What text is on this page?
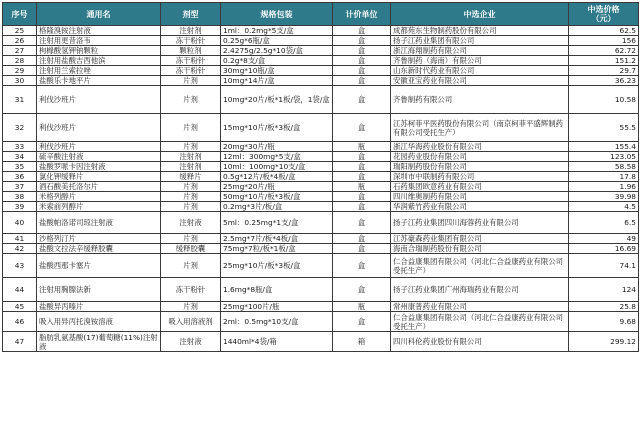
序号	通用名	剂型	规格包装	计价单位	中选企业	中选价格
（元）

25	格隆溴铵注射液	注射剂	1ml：0.2mg*5支/盒	盒	成都苑东生物制药股份有限公司	62.5
26	注射用更昔洛韦	冻干粉针	0.25g*6瓶/盒	盒	扬子江药业集团有限公司	156
27	枸橼酸氢钾钠颗粒	颗粒剂	2.4275g/2.5g*10袋/盒	盒	浙江海翔制药有限公司	62.72
28	注射用盐酸吉西他滨	冻干粉针	0.2g*8支/盒	盒	齐鲁制药（海南）有限公司	151.2
29	注射用兰索拉唑	冻干粉针	30mg*10瓶/盒	盒	山东新时代药业有限公司	29.7
30	盐酸乐卡地平片	片剂	10mg*14片/盒	盒	安徽亚宝药业有限公司	36.23
31	利伐沙班片	片剂	10mg*20片/板*1板/袋，1袋/盒	盒	齐鲁制药有限公司	10.58
32	利伐沙班片	片剂	15mg*10片/板*3板/盒	盒	江苏柯菲平医药股份有限公司（南京柯菲平盛辉制药有限公司受托生产）	55.5
33	利伐沙班片	片剂	20mg*30片/瓶	瓶	浙江华海药业股份有限公司	155.4
34	硫辛酸注射液	注射剂	12ml：300mg*5支/盒	盒	花园药业股份有限公司	123.05
35	盐酸罗哌卡因注射液	注射剂	10ml：100mg*10支/盒	盒	瑞阳制药股份有限公司	58.58
36	氯化钾缓释片	缓释片	0.5g*12片/板*4板/盒	盒	深圳市中联制药有限公司	17.8
37	酒石酸美托洛尔片	片剂	25mg*20片/瓶	瓶	石药集团欧意药业有限公司	1.96
38	米格列醇片	片剂	50mg*10片/板*3板/盒	盒	四川维奥制药有限公司	39.98
39	米索前列醇片	片剂	0.2mg*3片/板/盒	盒	华润紫竹药业有限公司	4.5
40	盐酸帕洛诺司琼注射液	注射液	5ml：0.25mg*1支/盒	盒	扬子江药业集团四川海蓉药业有限公司	6.5
41	沙格列汀片	片剂	2.5mg*7片/板*4板/盒	盒	江苏豪森药业集团有限公司	49
42	盐酸文拉法辛缓释胶囊	缓释胶囊	75mg*7粒/板*1板/盒	盒	海南合瑞制药股份有限公司	16.69
43	盐酸西那卡塞片	片剂	25mg*10片/板*3板/盒	盒	仁合益康集团有限公司（河北仁合益康药业有限公司受托生产）	74.1
44	注射用胸腺法新	冻干粉针	1.6mg*8瓶/盒	盒	扬子江药业集团广州海瑞药业有限公司	124
45	盐酸异丙嗪片	片剂	25mg*100片/瓶	瓶	常州康普药业有限公司	25.8
46	吸入用异丙托溴铵溶液	吸入用溶液剂	2ml：0.5mg*10支/盒	盒	仁合益康集团有限公司（河北仁合益康药业有限公司受托生产）	9.68
47	脂肪乳氨基酸(17)葡萄糖(11%)注射液	注射液	1440ml*4袋/箱	箱	四川科伦药业股份有限公司	299.12
